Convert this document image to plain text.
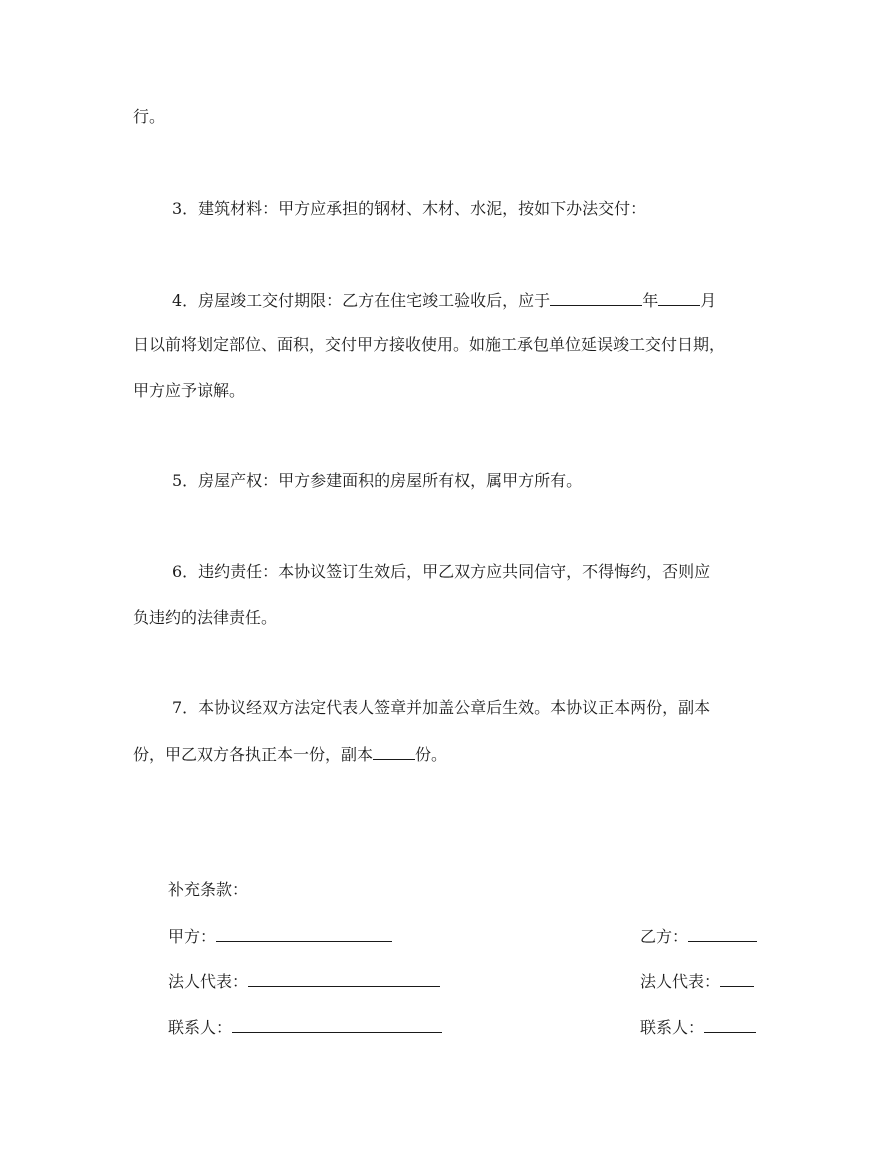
行。
3．建筑材料：甲方应承担的钢材、木材、水泥，按如下办法交付：
4．房屋竣工交付期限：乙方在住宅竣工验收后，应于	年	月
日以前将划定部位、面积，交付甲方接收使用。如施工承包单位延误竣工交付日期，
甲方应予谅解。
5．房屋产权：甲方参建面积的房屋所有权，属甲方所有。
6．违约责任：本协议签订生效后，甲乙双方应共同信守，不得悔约，否则应
负违约的法律责任。
7．本协议经双方法定代表人签章并加盖公章后生效。本协议正本两份，副本
份，甲乙双方各执正本一份，副本	份。
补充条款：
甲方：	乙方：
法人代表：	法人代表：
联系人：	联系人：
